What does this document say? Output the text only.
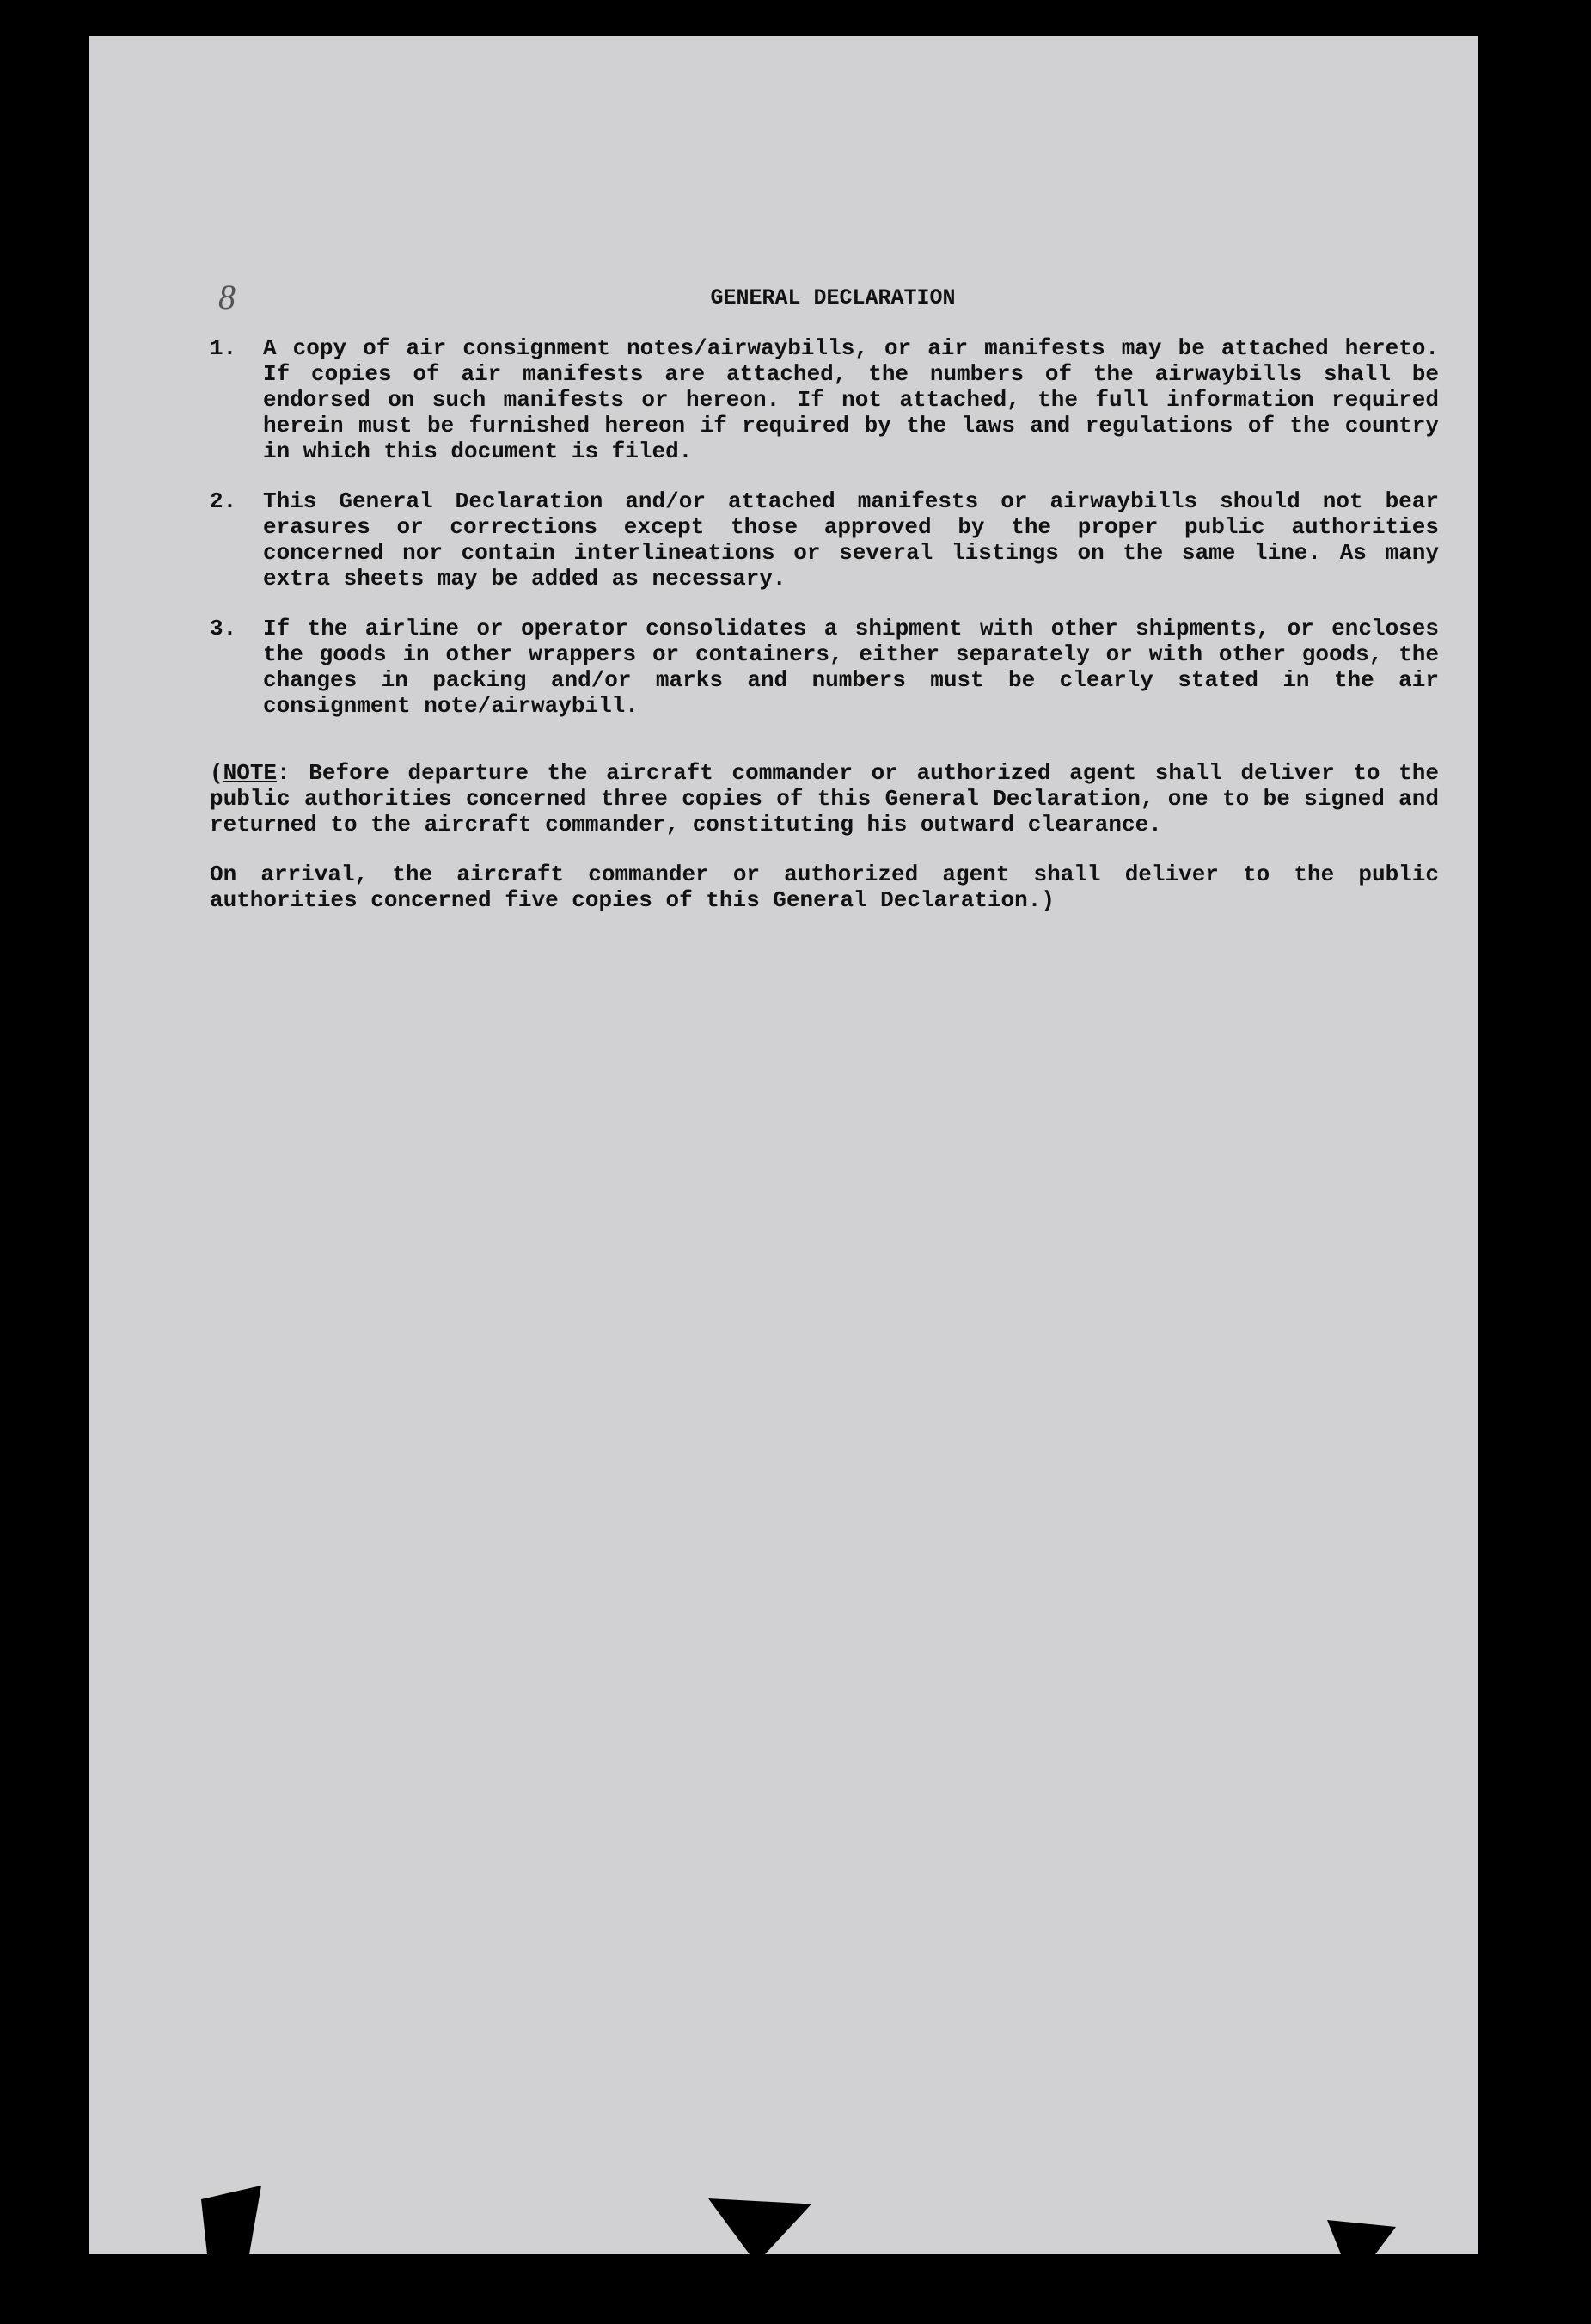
8	GENERAL DECLARATION
1.	A copy of air consignment notes/airwaybills, or air manifests may be attached hereto. If copies of air manifests are attached, the numbers of the airwaybills shall be endorsed on such manifests or hereon. If not attached, the full information required herein must be furnished hereon if required by the laws and regulations of the country in which this document is filed.
2.	This General Declaration and/or attached manifests or airwaybills should not bear erasures or corrections except those approved by the proper public authorities concerned nor contain interlineations or several listings on the same line. As many extra sheets may be added as necessary.
3.	If the airline or operator consolidates a shipment with other shipments, or encloses the goods in other wrappers or containers, either separately or with other goods, the changes in packing and/or marks and numbers must be clearly stated in the air consignment note/airwaybill.

(NOTE: Before departure the aircraft commander or authorized agent shall deliver to the public authorities concerned three copies of this General Declaration, one to be signed and returned to the aircraft commander, constituting his outward clearance.

On arrival, the aircraft commander or authorized agent shall deliver to the public authorities concerned five copies of this General Declaration.)
